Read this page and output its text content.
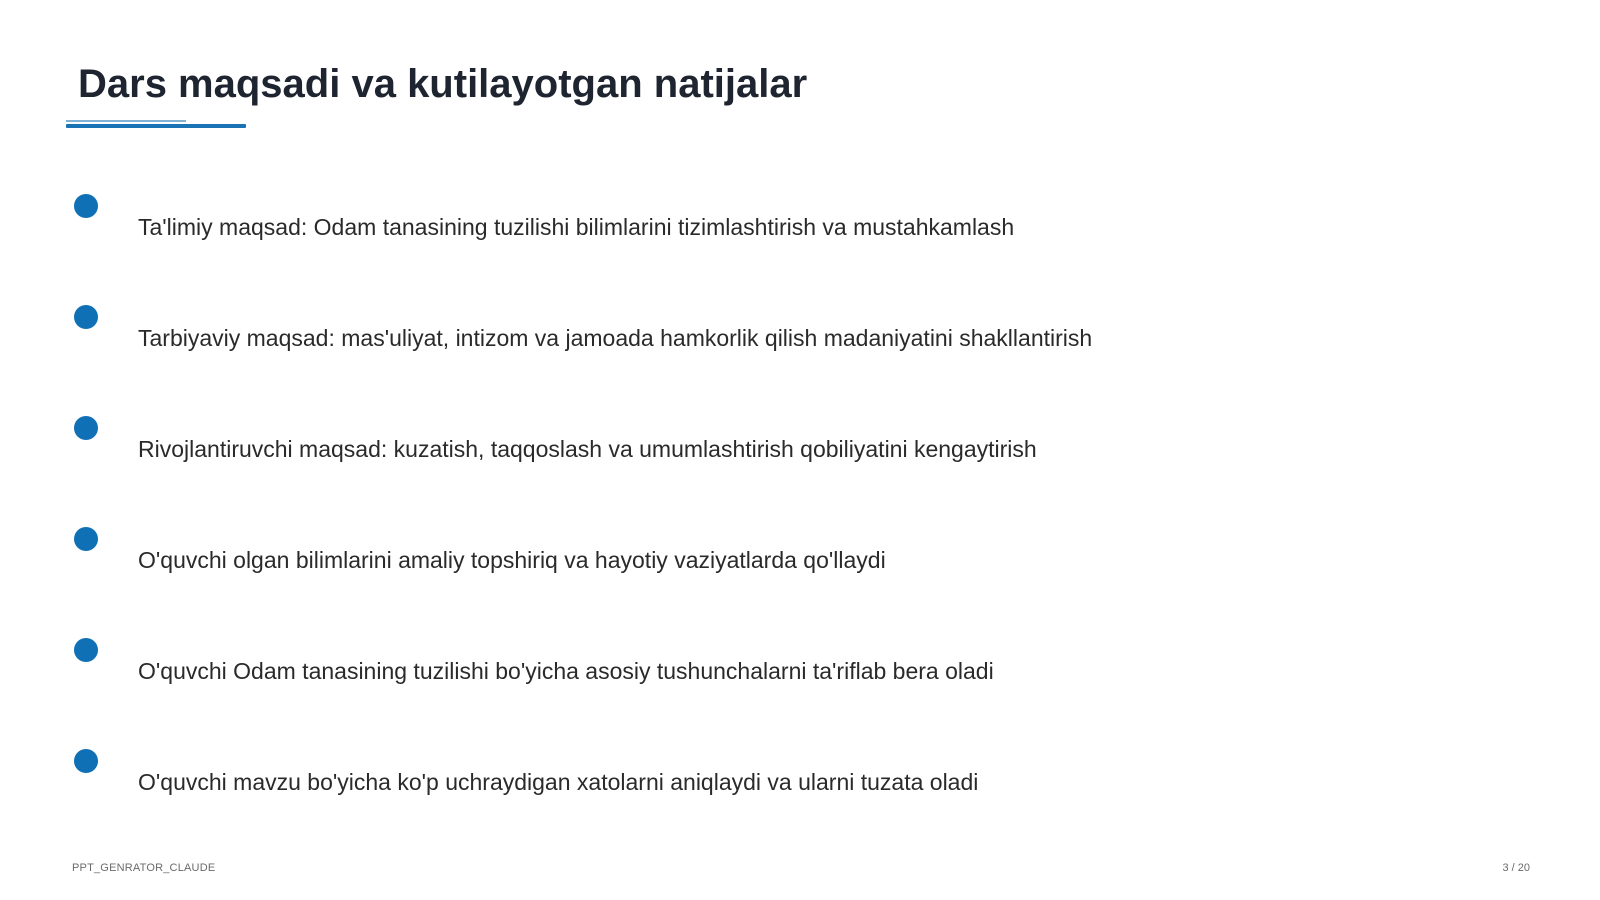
Dars maqsadi va kutilayotgan natijalar
Ta'limiy maqsad: Odam tanasining tuzilishi bilimlarini tizimlashtirish va mustahkamlash
Tarbiyaviy maqsad: mas'uliyat, intizom va jamoada hamkorlik qilish madaniyatini shakllantirish
Rivojlantiruvchi maqsad: kuzatish, taqqoslash va umumlashtirish qobiliyatini kengaytirish
O'quvchi olgan bilimlarini amaliy topshiriq va hayotiy vaziyatlarda qo'llaydi
O'quvchi Odam tanasining tuzilishi bo'yicha asosiy tushunchalarni ta'riflab bera oladi
O'quvchi mavzu bo'yicha ko'p uchraydigan xatolarni aniqlaydi va ularni tuzata oladi
PPT_GENRATOR_CLAUDE	3 / 20
